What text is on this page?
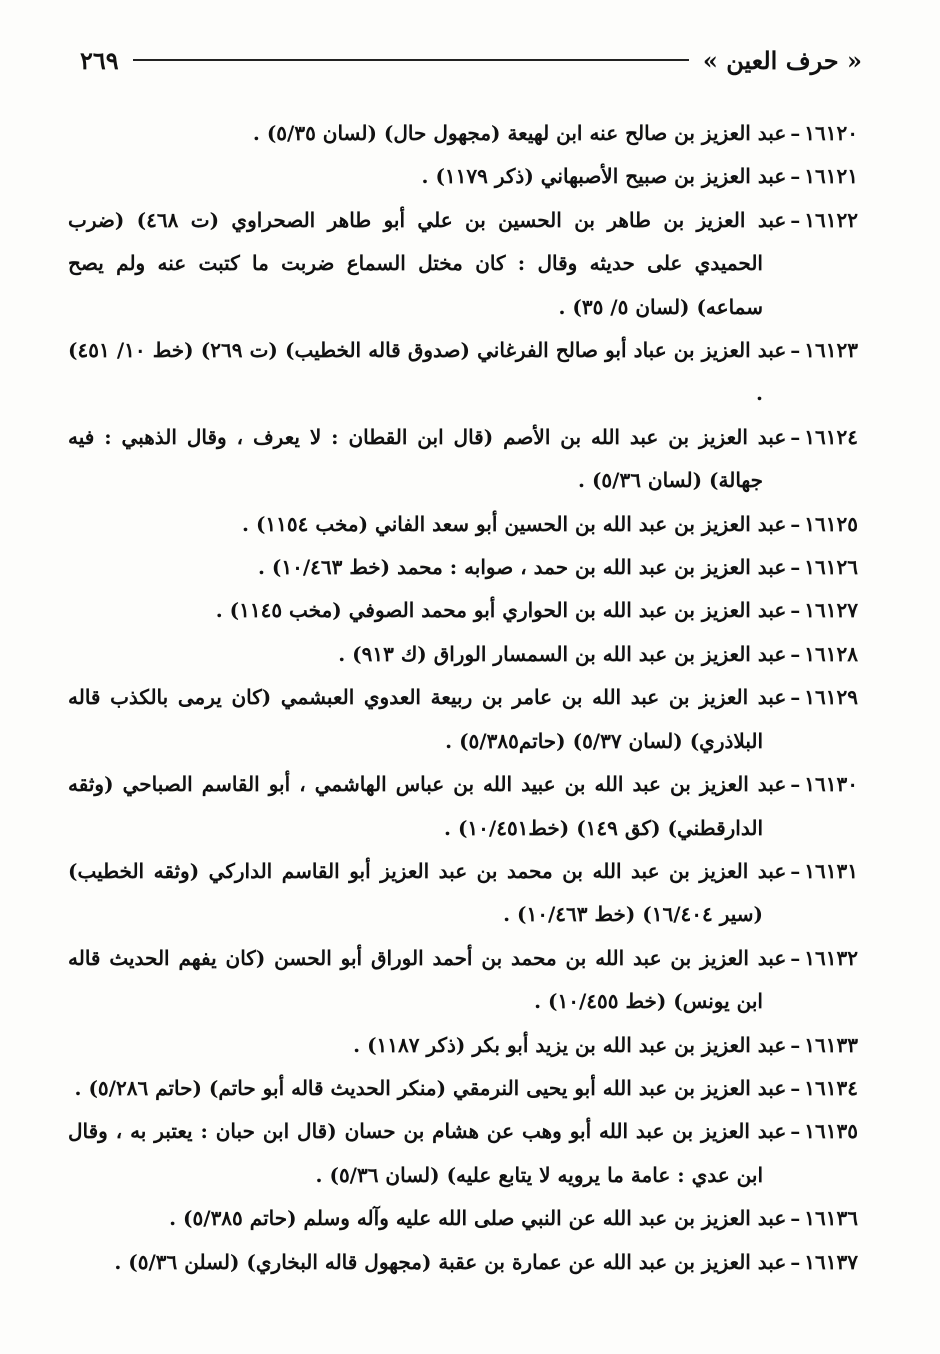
« حرف العين »
٢٦٩
١٦١٢٠–عبد العزيز بن صالح عنه ابن لهيعة (مجهول حال) (لسان ٥/٣٥) .
١٦١٢١–عبد العزيز بن صبيح الأصبهاني (ذكر ١١٧٩) .
١٦١٢٢–عبد العزيز بن طاهر بن الحسين بن علي أبو طاهر الصحراوي (ت ٤٦٨) (ضرب الحميدي على حديثه وقال : كان مختل السماع ضربت ما كتبت عنه ولم يصح سماعه) (لسان ٥/ ٣٥) .
١٦١٢٣–عبد العزيز بن عباد أبو صالح الفرغاني (صدوق قاله الخطيب) (ت ٢٦٩) (خط ١٠/ ٤٥١) .
١٦١٢٤–عبد العزيز بن عبد الله بن الأصم (قال ابن القطان : لا يعرف ، وقال الذهبي : فيه جهالة) (لسان ٥/٣٦) .
١٦١٢٥–عبد العزيز بن عبد الله بن الحسين أبو سعد الفاني (مخب ١١٥٤) .
١٦١٢٦–عبد العزيز بن عبد الله بن حمد ، صوابه : محمد (خط ١٠/٤٦٣) .
١٦١٢٧–عبد العزيز بن عبد الله بن الحواري أبو محمد الصوفي (مخب ١١٤٥) .
١٦١٢٨–عبد العزيز بن عبد الله بن السمسار الوراق (ك ٩١٣) .
١٦١٢٩–عبد العزيز بن عبد الله بن عامر بن ربيعة العدوي العبشمي (كان يرمى بالكذب قاله البلاذري) (لسان ٥/٣٧) (حاتم٥/٣٨٥) .
١٦١٣٠–عبد العزيز بن عبد الله بن عبيد الله بن عباس الهاشمي ، أبو القاسم الصباحي (وثقه الدارقطني) (كق ١٤٩) (خط١٠/٤٥١) .
١٦١٣١–عبد العزيز بن عبد الله بن محمد بن عبد العزيز أبو القاسم الداركي (وثقه الخطيب) (سير ١٦/٤٠٤) (خط ١٠/٤٦٣) .
١٦١٣٢–عبد العزيز بن عبد الله بن محمد بن أحمد الوراق أبو الحسن (كان يفهم الحديث قاله ابن يونس) (خط ١٠/٤٥٥) .
١٦١٣٣–عبد العزيز بن عبد الله بن يزيد أبو بكر (ذكر ١١٨٧) .
١٦١٣٤–عبد العزيز بن عبد الله أبو يحيى النرمقي (منكر الحديث قاله أبو حاتم) (حاتم ٥/٢٨٦) .
١٦١٣٥–عبد العزيز بن عبد الله أبو وهب عن هشام بن حسان (قال ابن حبان : يعتبر به ، وقال ابن عدي : عامة ما يرويه لا يتابع عليه) (لسان ٥/٣٦) .
١٦١٣٦–عبد العزيز بن عبد الله عن النبي صلى الله عليه وآله وسلم (حاتم ٥/٣٨٥) .
١٦١٣٧–عبد العزيز بن عبد الله عن عمارة بن عقبة (مجهول قاله البخاري) (لسلن ٥/٣٦) .
